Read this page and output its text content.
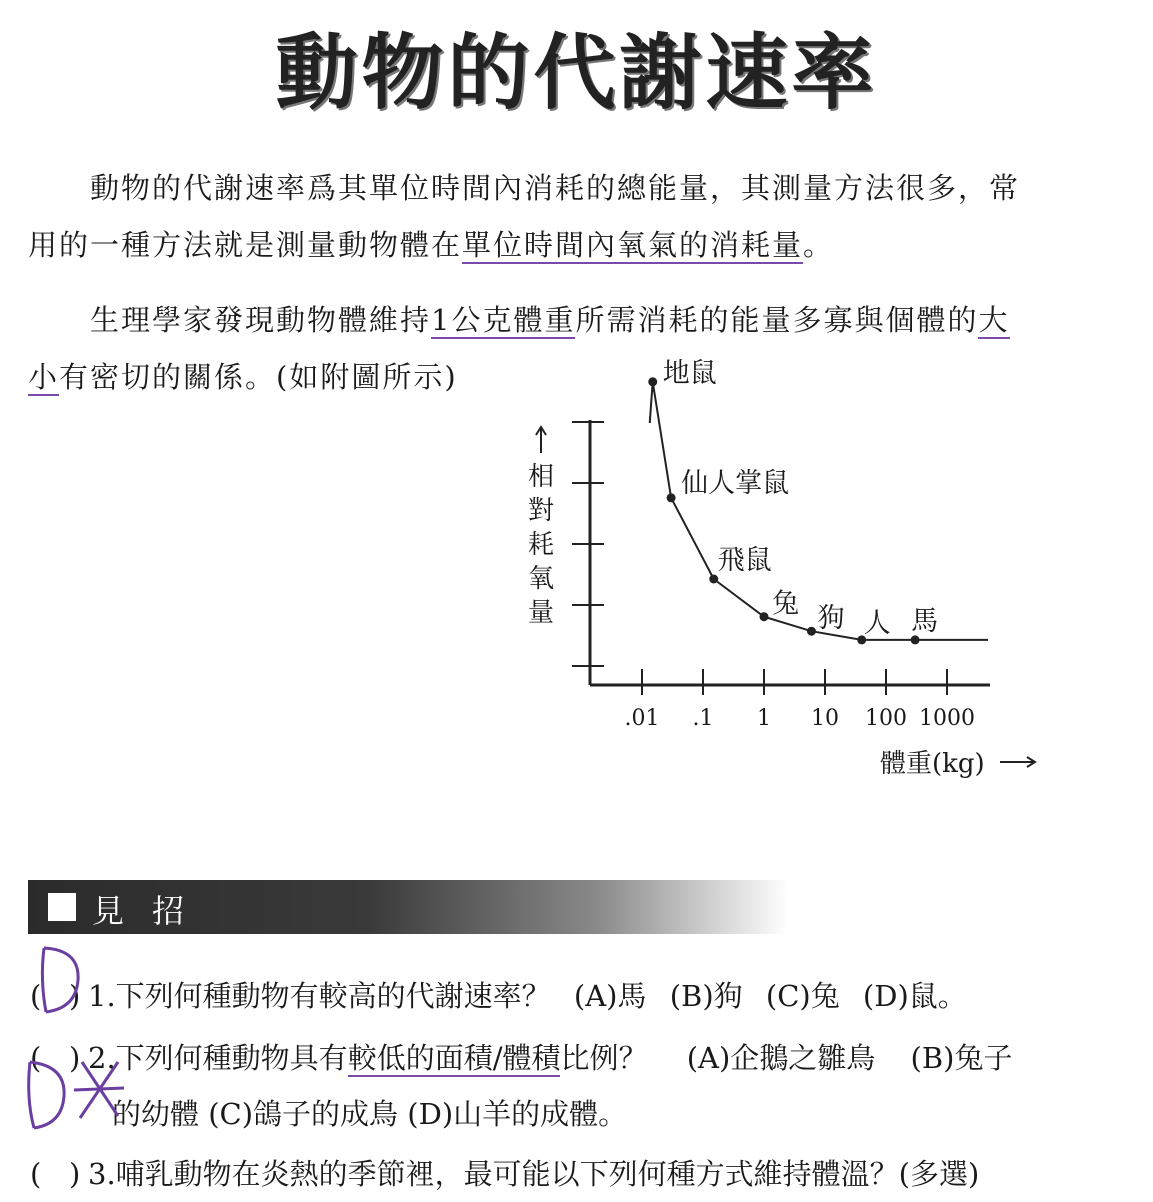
動物的代謝速率
動物的代謝速率爲其單位時間內消耗的總能量，其測量方法很多，常
用的一種方法就是測量動物體在單位時間內氧氣的消耗量。
生理學家發現動物體維持1公克體重所需消耗的能量多寡與個體的大
小有密切的關係。(如附圖所示)
相
對
耗
氧
量
.01 .1 1 10 100 1000
地鼠
仙人掌鼠
飛鼠
兔 狗 人 馬
體重(kg)
見招
(   ) 1.下列何種動物有較高的代謝速率？ (A)馬 (B)狗 (C)兔 (D)鼠。
(   ) 2.下列何種動物具有較低的面積/體積比例？ (A)企鵝之雛鳥 (B)兔子
的幼體 (C)鴿子的成鳥 (D)山羊的成體。
(   ) 3.哺乳動物在炎熱的季節裡，最可能以下列何種方式維持體溫？(多選)
